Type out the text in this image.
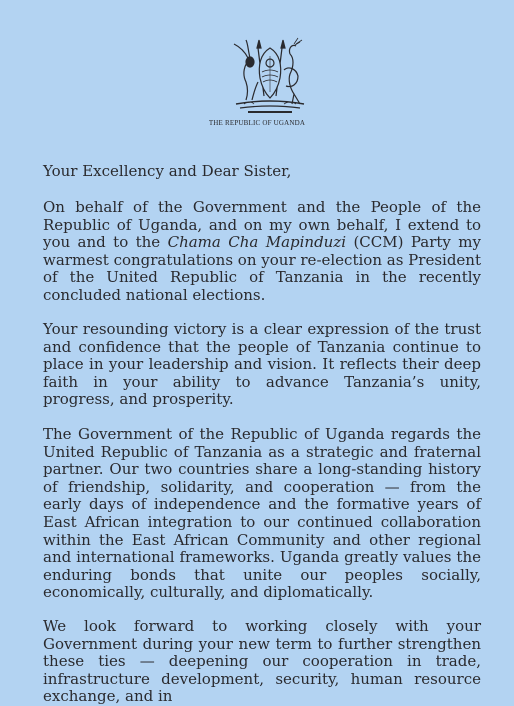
THE REPUBLIC OF UGANDA
Your Excellency and Dear Sister,

On behalf of the Government and the People of the Republic of Uganda, and on my own behalf, I extend to you and to the Chama Cha Mapinduzi (CCM) Party my warmest congratulations on your re-election as President of the United Republic of Tanzania in the recently concluded national elections.

Your resounding victory is a clear expression of the trust and confidence that the people of Tanzania continue to place in your leadership and vision. It reflects their deep faith in your ability to advance Tanzania’s unity, progress, and prosperity.

The Government of the Republic of Uganda regards the United Republic of Tanzania as a strategic and fraternal partner. Our two countries share a long-standing history of friendship, solidarity, and cooperation — from the early days of independence and the formative years of East African integration to our continued collaboration within the East African Community and other regional and international frameworks. Uganda greatly values the enduring bonds that unite our peoples socially, economically, culturally, and diplomatically.

We look forward to working closely with your Government during your new term to further strengthen these ties — deepening our cooperation in trade, infrastructure development, security, human resource exchange, and in
